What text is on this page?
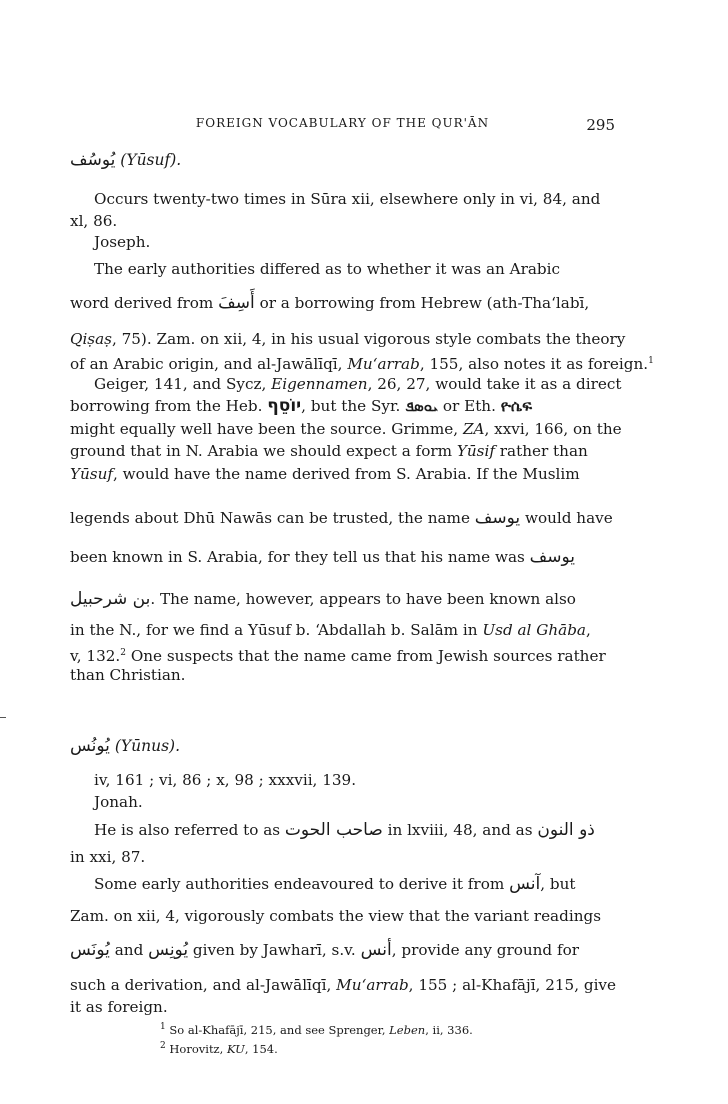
FOREIGN VOCABULARY OF THE QUR'ĀN	295
يُوسُف (Yūsuf).
Occurs twenty-two times in Sūra xii, elsewhere only in vi, 84, and
xl, 86.
Joseph.
The early authorities differed as to whether it was an Arabic
word derived from أَسِفَ or a borrowing from Hebrew (ath-Tha‘labī,
Qiṣaṣ, 75). Zam. on xii, 4, in his usual vigorous style combats the theory
of an Arabic origin, and al-Jawālīqī, Mu‘arrab, 155, also notes it as foreign.$^1$
Geiger, 141, and Sycz, Eigennamen, 26, 27, would take it as a direct
borrowing from the Heb. יוֹסֵף, but the Syr. ܝܘܣܦ or Eth. ዮሴፍ
might equally well have been the source. Grimme, ZA, xxvi, 166, on the
ground that in N. Arabia we should expect a form Yūsif rather than
Yūsuf, would have the name derived from S. Arabia. If the Muslim
legends about Dhū Nawās can be trusted, the name يوسف would have
been known in S. Arabia, for they tell us that his name was يوسف
بن شرحبيل. The name, however, appears to have been known also
in the N., for we find a Yūsuf b. ‘Abdallah b. Salām in Usd al Ghāba,
v, 132.$^2$ One suspects that the name came from Jewish sources rather
than Christian.
يُونُس (Yūnus).
iv, 161 ; vi, 86 ; x, 98 ; xxxvii, 139.
Jonah.
He is also referred to as صاحب الحوت in lxviii, 48, and as ذو النون
in xxi, 87.
Some early authorities endeavoured to derive it from آنس, but
Zam. on xii, 4, vigorously combats the view that the variant readings
يُونَس and يُونِس given by Jawharī, s.v. أنس, provide any ground for
such a derivation, and al-Jawālīqī, Mu‘arrab, 155 ; al-Khafājī, 215, give
it as foreign.
$^1$ So al-Khafājī, 215, and see Sprenger, Leben, ii, 336.
$^2$ Horovitz, KU, 154.
